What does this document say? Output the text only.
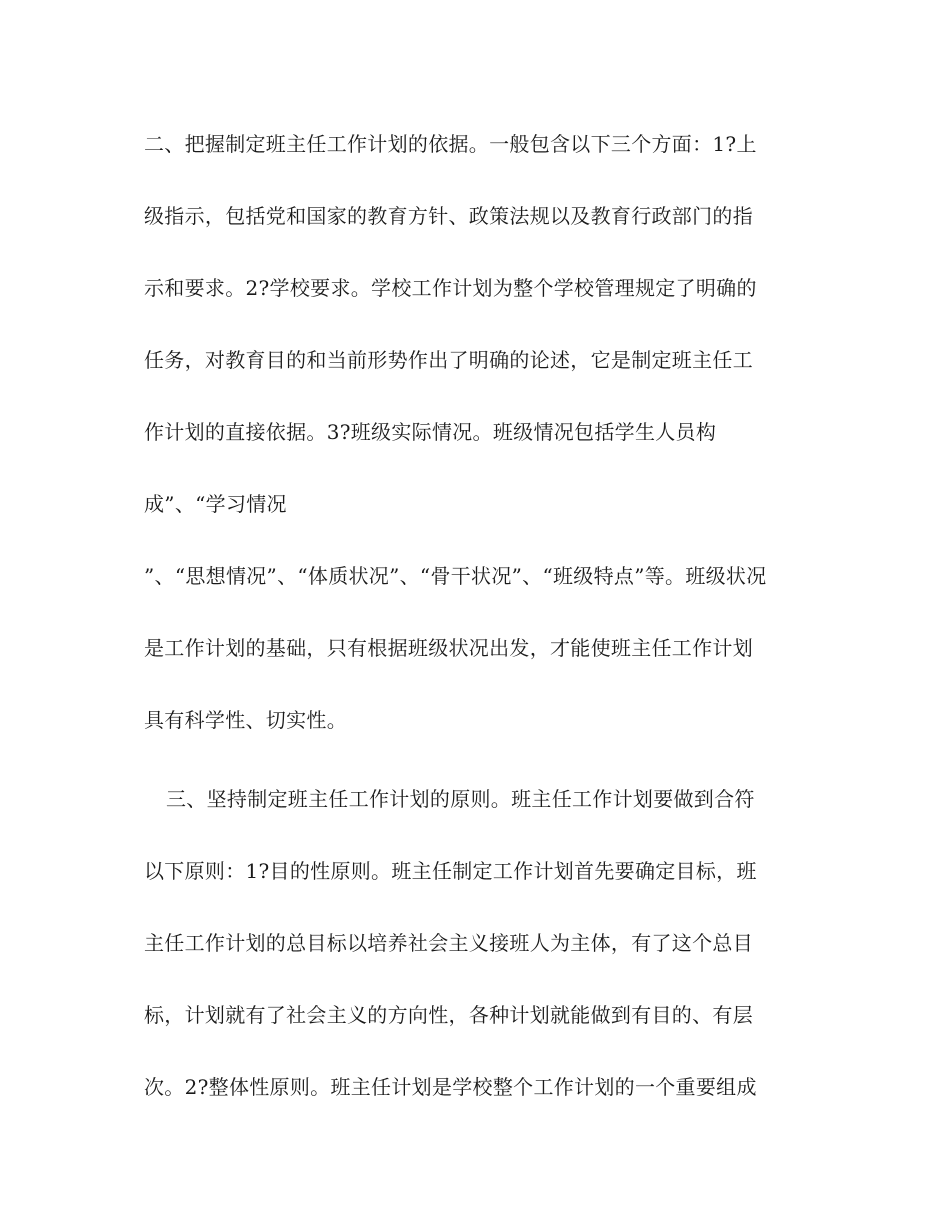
二、把握制定班主任工作计划的依据。一般包含以下三个方面：1?上
级指示，包括党和国家的教育方针、政策法规以及教育行政部门的指
示和要求。2?学校要求。学校工作计划为整个学校管理规定了明确的
任务，对教育目的和当前形势作出了明确的论述，它是制定班主任工
作计划的直接依据。3?班级实际情况。班级情况包括学生人员构
成”、“学习情况
”、“思想情况”、“体质状况”、“骨干状况”、“班级特点”等。班级状况
是工作计划的基础，只有根据班级状况出发，才能使班主任工作计划
具有科学性、切实性。
三、坚持制定班主任工作计划的原则。班主任工作计划要做到合符
以下原则：1?目的性原则。班主任制定工作计划首先要确定目标，班
主任工作计划的总目标以培养社会主义接班人为主体，有了这个总目
标，计划就有了社会主义的方向性，各种计划就能做到有目的、有层
次。2?整体性原则。班主任计划是学校整个工作计划的一个重要组成
